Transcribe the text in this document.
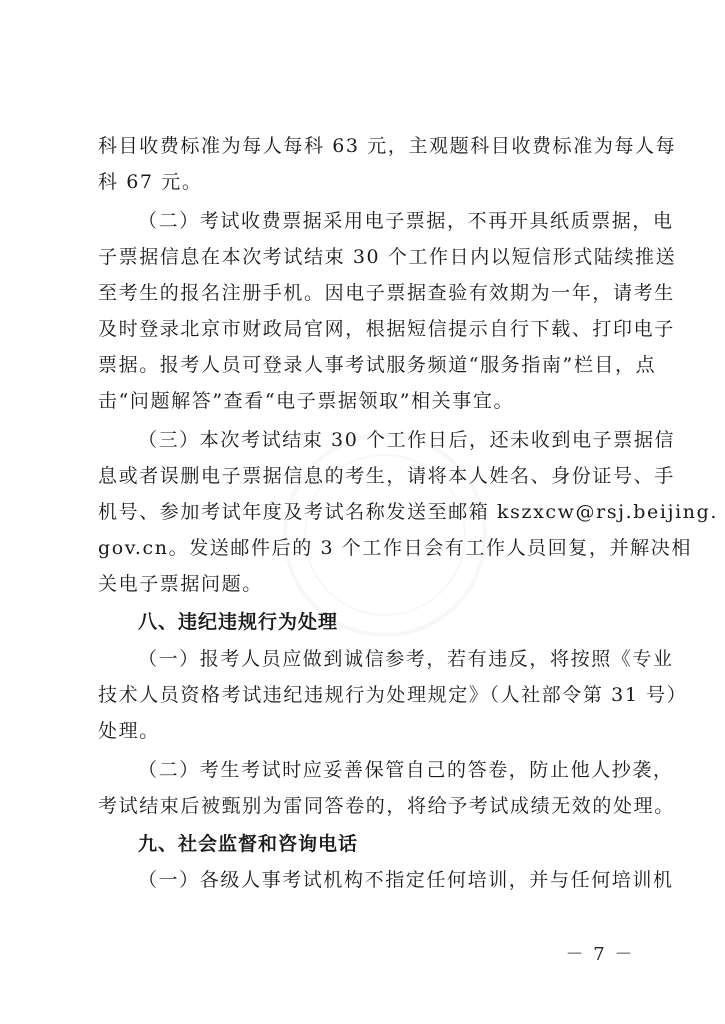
科目收费标准为每人每科 63 元，主观题科目收费标准为每人每
科 67 元。
（二）考试收费票据采用电子票据，不再开具纸质票据，电
子票据信息在本次考试结束 30 个工作日内以短信形式陆续推送
至考生的报名注册手机。因电子票据查验有效期为一年，请考生
及时登录北京市财政局官网，根据短信提示自行下载、打印电子
票据。报考人员可登录人事考试服务频道“服务指南”栏目，点
击“问题解答”查看“电子票据领取”相关事宜。
（三）本次考试结束 30 个工作日后，还未收到电子票据信
息或者误删电子票据信息的考生，请将本人姓名、身份证号、手
机号、参加考试年度及考试名称发送至邮箱 kszxcw@rsj.beijing.
gov.cn。发送邮件后的 3 个工作日会有工作人员回复，并解决相
关电子票据问题。
八、违纪违规行为处理
（一）报考人员应做到诚信参考，若有违反，将按照《专业
技术人员资格考试违纪违规行为处理规定》（人社部令第 31 号）
处理。
（二）考生考试时应妥善保管自己的答卷，防止他人抄袭，
考试结束后被甄别为雷同答卷的，将给予考试成绩无效的处理。
九、社会监督和咨询电话
（一）各级人事考试机构不指定任何培训，并与任何培训机
－ 7 －
